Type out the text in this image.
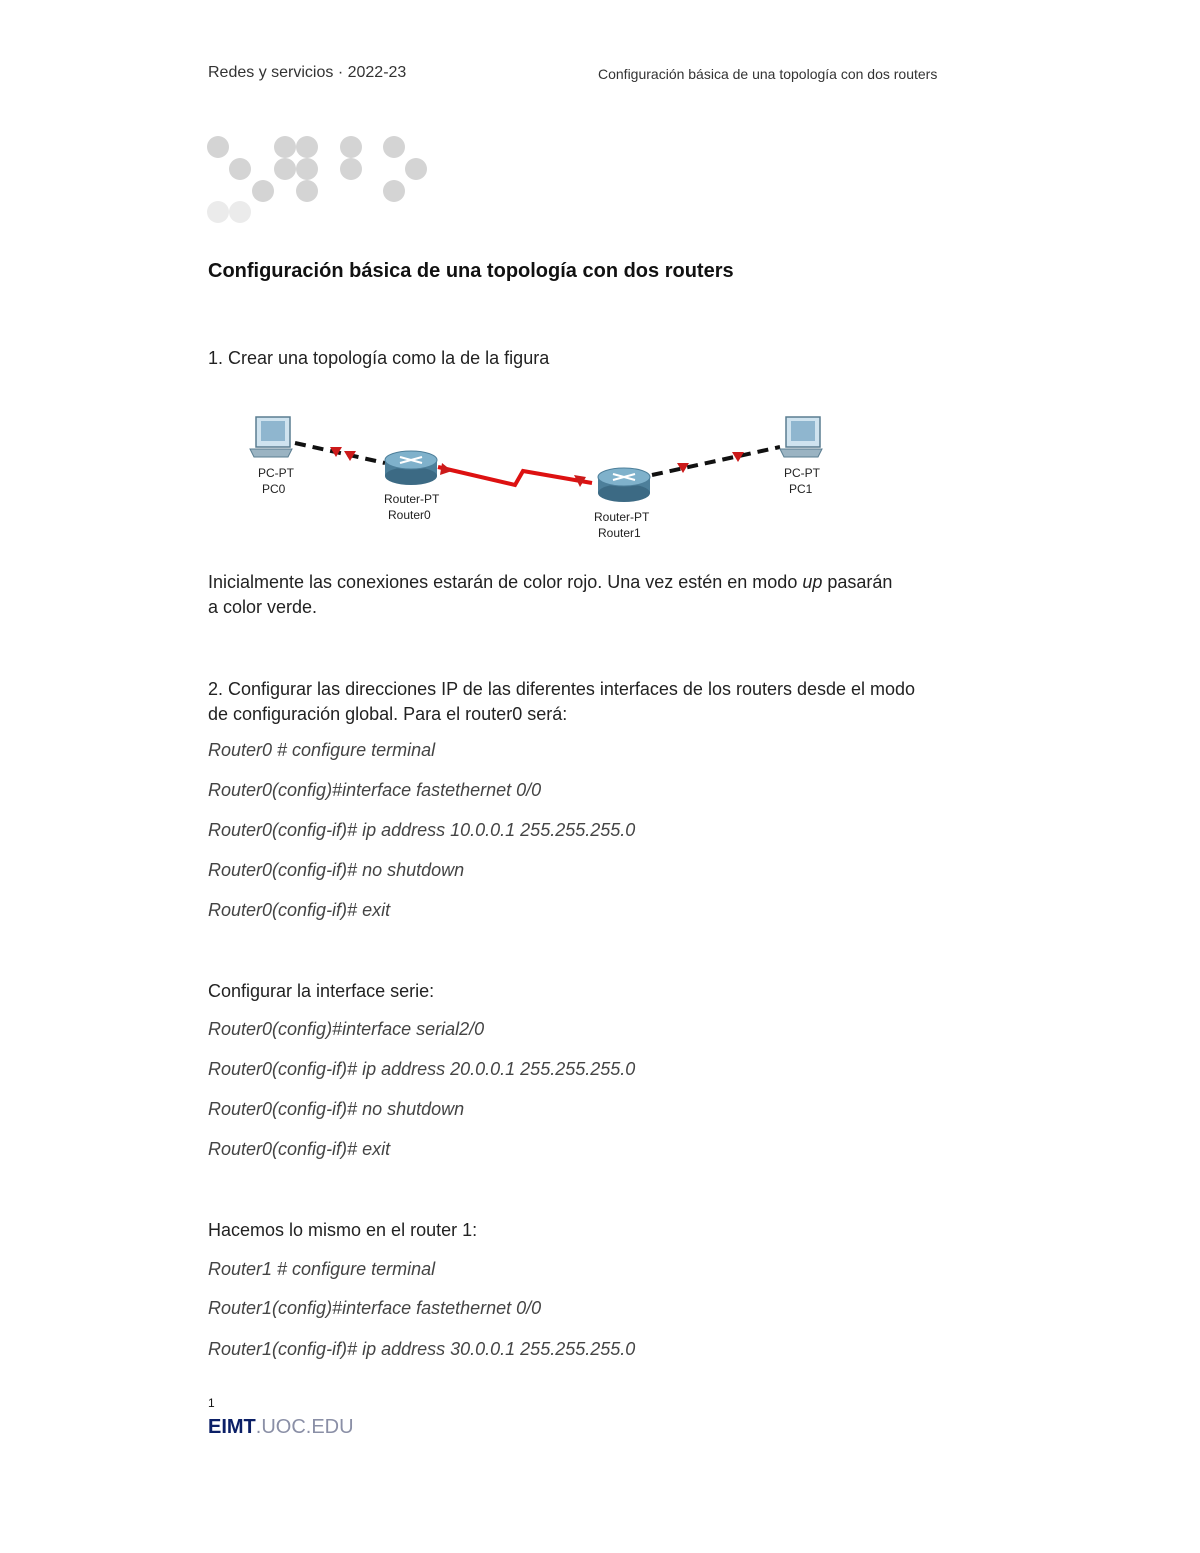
Redes y servicios · 2022-23	Configuración básica de una topología con dos routers
Configuración básica de una topología con dos routers
1. Crear una topología como la de la figura
PC-PT
PC0
Router-PT
Router0	Router-PT
Router1
PC-PT
PC1
Inicialmente las conexiones estarán de color rojo. Una vez estén en modo up pasarán
a color verde.
2. Configurar las direcciones IP de las diferentes interfaces de los routers desde el modo
de configuración global. Para el router0 será:
Router0 # configure terminal
Router0(config)#interface fastethernet 0/0
Router0(config-if)# ip address 10.0.0.1 255.255.255.0
Router0(config-if)# no shutdown
Router0(config-if)# exit
Configurar la interface serie:
Router0(config)#interface serial2/0
Router0(config-if)# ip address 20.0.0.1 255.255.255.0
Router0(config-if)# no shutdown
Router0(config-if)# exit
Hacemos lo mismo en el router 1:
Router1 # configure terminal
Router1(config)#interface fastethernet 0/0
Router1(config-if)# ip address 30.0.0.1 255.255.255.0
1
EIMT.UOC.EDU
